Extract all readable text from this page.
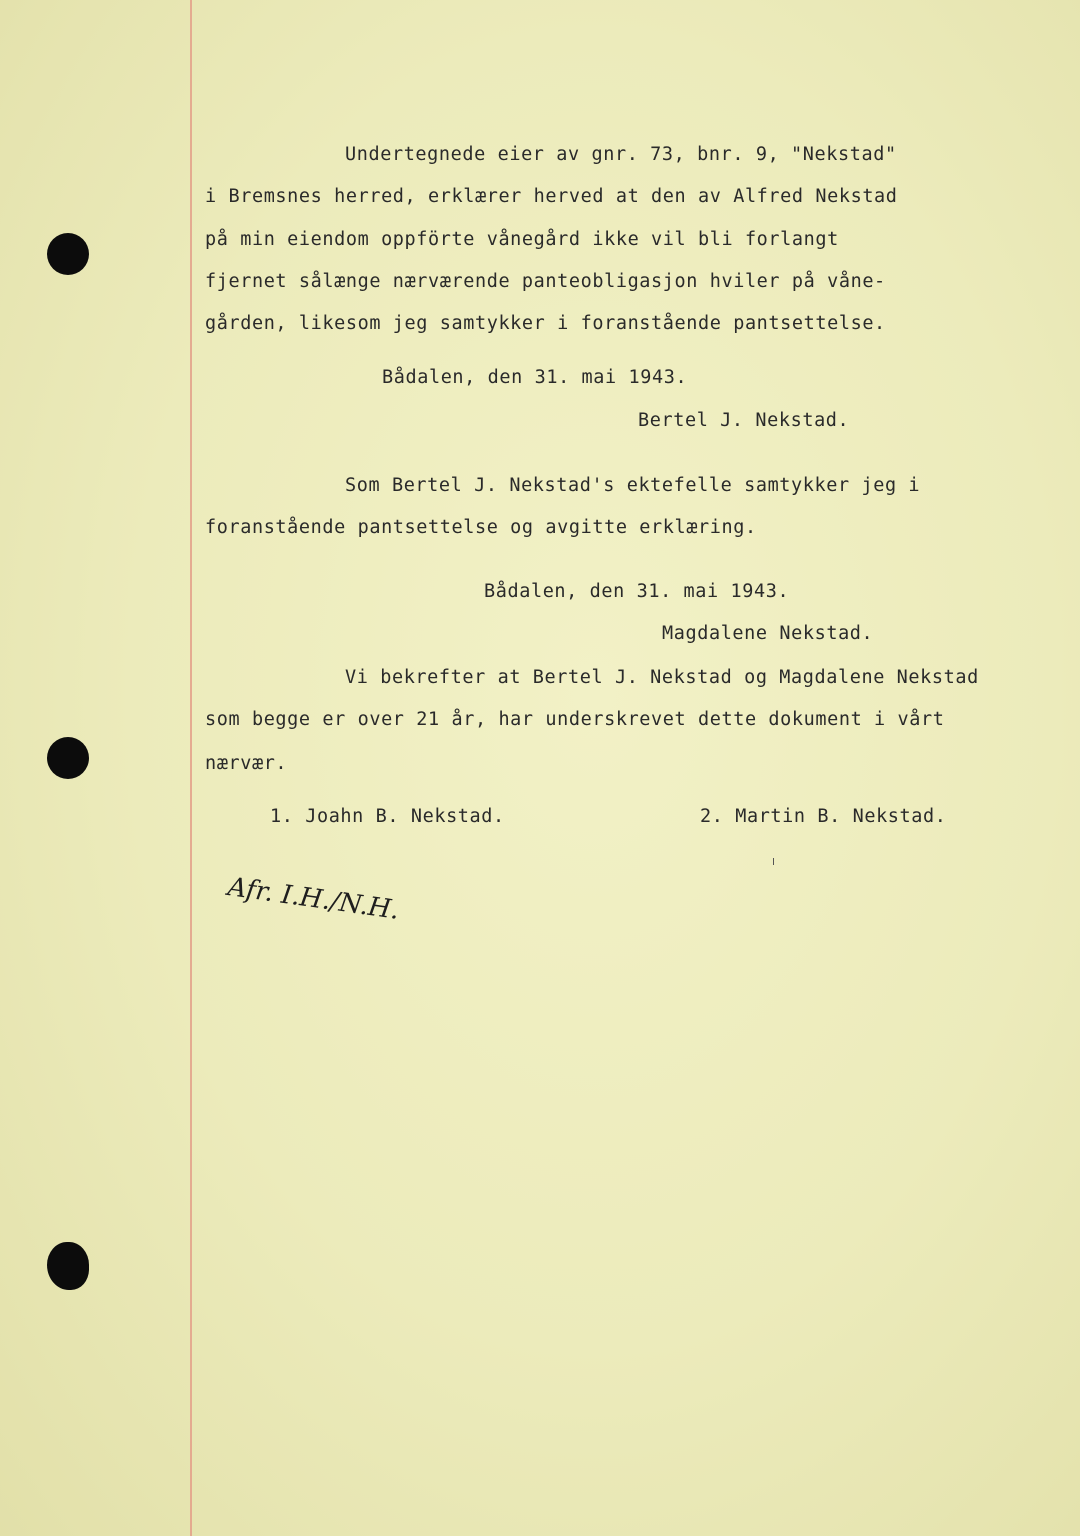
Undertegnede eier av gnr. 73, bnr. 9, "Nekstad"
i Bremsnes herred, erklærer herved at den av Alfred Nekstad
på min eiendom oppförte vånegård ikke vil bli forlangt
fjernet sålænge nærværende panteobligasjon hviler på våne-
gården, likesom jeg samtykker i foranstående pantsettelse.
Bådalen, den 31. mai 1943.
Bertel J. Nekstad.
Som Bertel J. Nekstad's ektefelle samtykker jeg i
foranstående pantsettelse og avgitte erklæring.
Bådalen, den 31. mai 1943.
Magdalene Nekstad.
Vi bekrefter at Bertel J. Nekstad og Magdalene Nekstad
som begge er over 21 år, har underskrevet dette dokument i vårt
nærvær.
1. Joahn B. Nekstad.	2. Martin B. Nekstad.
Afr. I.H./N.H.
